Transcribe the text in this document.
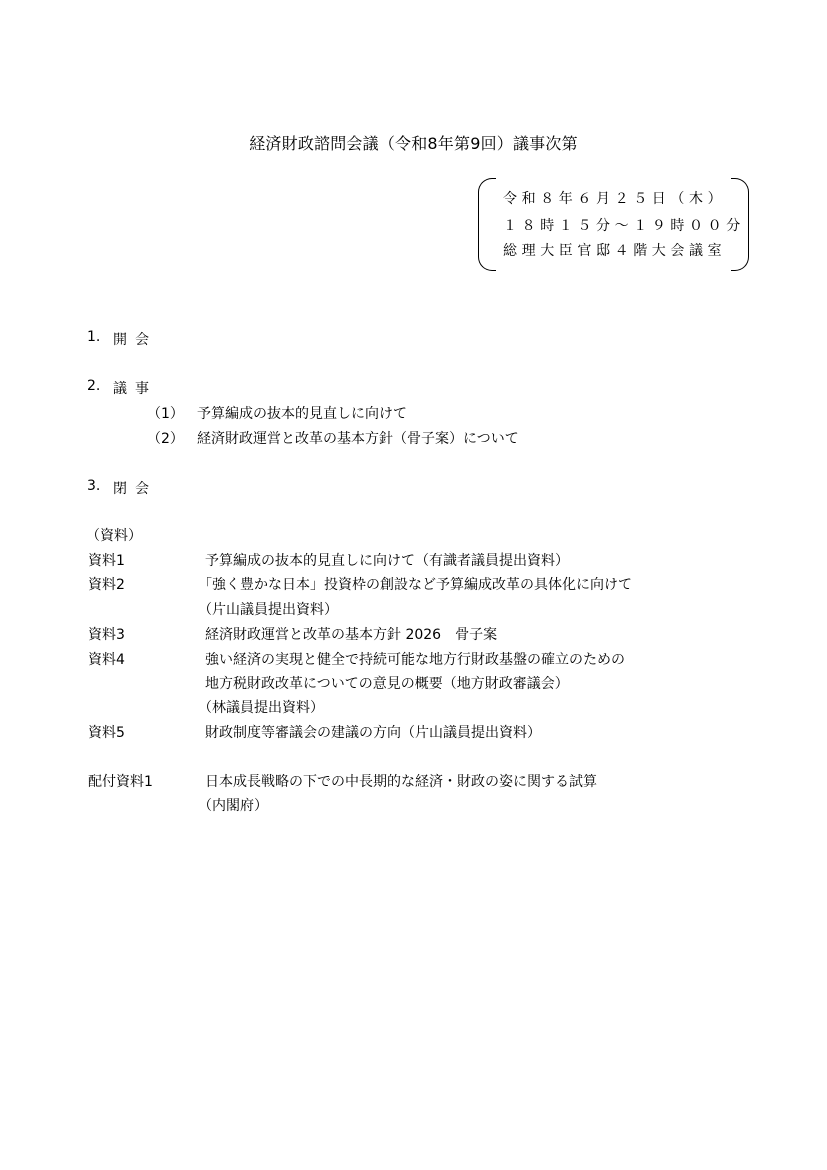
経済財政諮問会議（令和8年第9回）議事次第
令和８年６月２５日（木）
１８時１５分～１９時００分
総理大臣官邸４階大会議室
1. 開会
2. 議事
（1） 予算編成の抜本的見直しに向けて
（2） 経済財政運営と改革の基本方針（骨子案）について
3. 閉会
（資料）
資料1	予算編成の抜本的見直しに向けて（有識者議員提出資料）
資料2	「強く豊かな日本」投資枠の創設など予算編成改革の具体化に向けて
（片山議員提出資料）
資料3	経済財政運営と改革の基本方針 2026　骨子案
資料4	強い経済の実現と健全で持続可能な地方行財政基盤の確立のための
地方税財政改革についての意見の概要（地方財政審議会）
（林議員提出資料）
資料5	財政制度等審議会の建議の方向（片山議員提出資料）
配付資料1	日本成長戦略の下での中長期的な経済・財政の姿に関する試算
（内閣府）
